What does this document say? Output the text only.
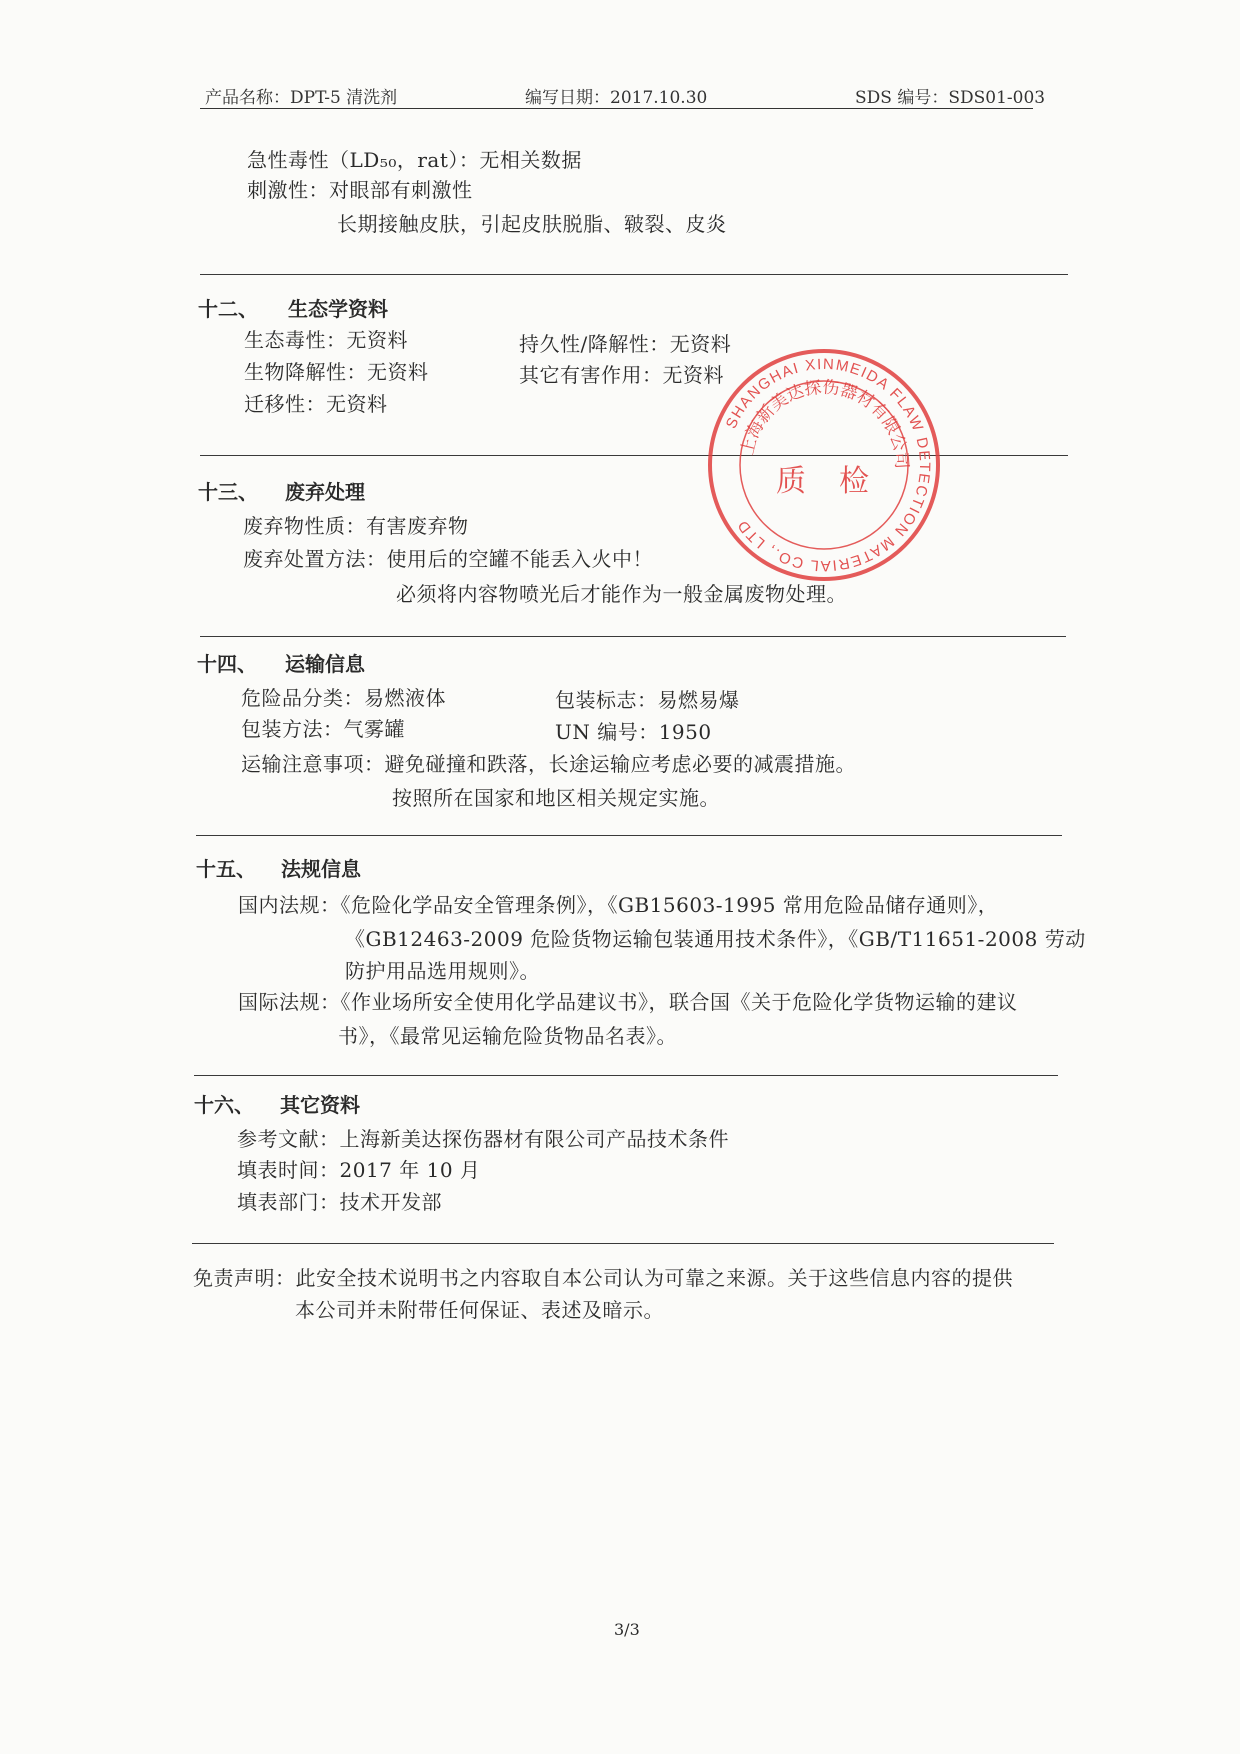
产品名称：DPT-5 清洗剂	编写日期：2017.10.30	SDS 编号：SDS01-003
急性毒性（LD₅₀，rat）：无相关数据
刺激性：对眼部有刺激性
长期接触皮肤，引起皮肤脱脂、皲裂、皮炎
十二、 生态学资料
生态毒性：无资料	持久性/降解性：无资料
生物降解性：无资料	其它有害作用：无资料
迁移性：无资料
十三、 废弃处理
废弃物性质：有害废弃物
废弃处置方法：使用后的空罐不能丢入火中！
必须将内容物喷光后才能作为一般金属废物处理。
十四、 运输信息
危险品分类：易燃液体	包装标志：易燃易爆
包装方法：气雾罐	UN 编号：1950
运输注意事项：避免碰撞和跌落，长途运输应考虑必要的减震措施。
按照所在国家和地区相关规定实施。
十五、 法规信息
国内法规：《危险化学品安全管理条例》，《GB15603-1995 常用危险品储存通则》，
《GB12463-2009 危险货物运输包装通用技术条件》，《GB/T11651-2008 劳动
防护用品选用规则》。
国际法规：《作业场所安全使用化学品建议书》，联合国《关于危险化学货物运输的建议
书》，《最常见运输危险货物品名表》。
十六、 其它资料
参考文献：上海新美达探伤器材有限公司产品技术条件
填表时间：2017 年 10 月
填表部门：技术开发部
免责声明：此安全技术说明书之内容取自本公司认为可靠之来源。关于这些信息内容的提供
本公司并未附带任何保证、表述及暗示。
3/3
SHANGHAI XINMEIDA FLAW DETECTION MATERIAL CO., LTD
上海新美达探伤器材有限公司
质 检
